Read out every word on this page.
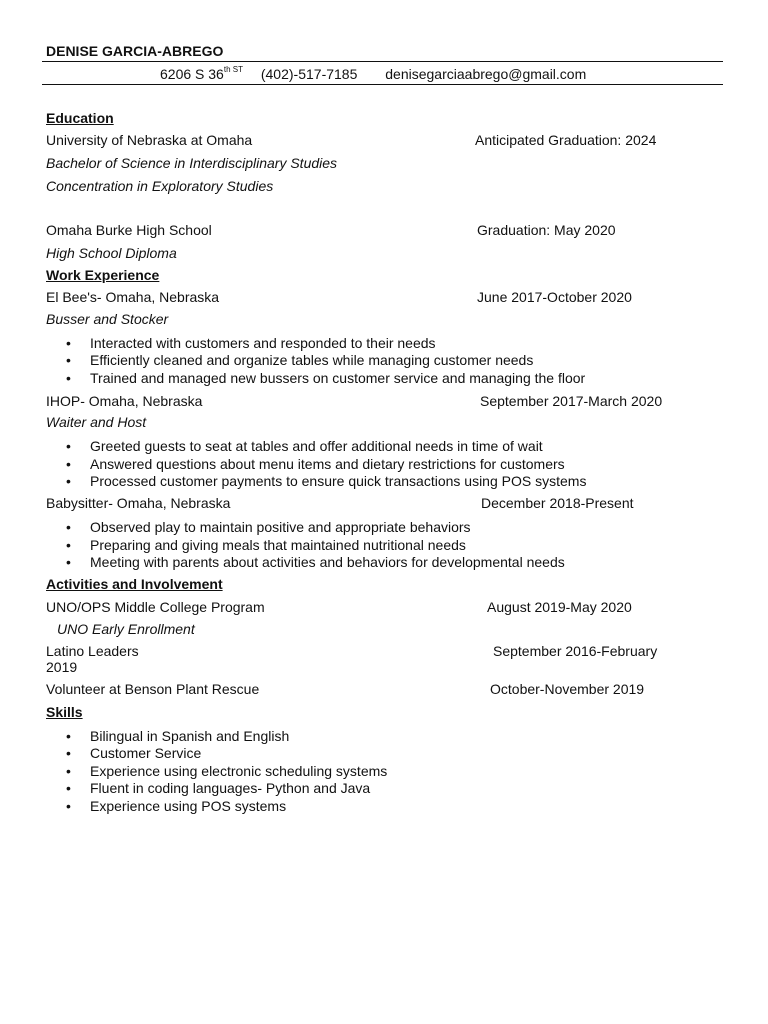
DENISE GARCIA-ABREGO
6206 S $36^{th ST}$ (402)-517-7185 denisegarciaabrego@gmail.com
Education
University of Nebraska at Omaha	Anticipated Graduation: 2024
Bachelor of Science in Interdisciplinary Studies
Concentration in Exploratory Studies
Omaha Burke High School	Graduation: May 2020
High School Diploma
Work Experience
El Bee's- Omaha, Nebraska	June 2017-October 2020
Busser and Stocker
• Interacted with customers and responded to their needs
• Efficiently cleaned and organize tables while managing customer needs
• Trained and managed new bussers on customer service and managing the floor
IHOP- Omaha, Nebraska	September 2017-March 2020
Waiter and Host
• Greeted guests to seat at tables and offer additional needs in time of wait
• Answered questions about menu items and dietary restrictions for customers
• Processed customer payments to ensure quick transactions using POS systems
Babysitter- Omaha, Nebraska	December 2018-Present
• Observed play to maintain positive and appropriate behaviors
• Preparing and giving meals that maintained nutritional needs
• Meeting with parents about activities and behaviors for developmental needs
Activities and Involvement
UNO/OPS Middle College Program	August 2019-May 2020
UNO Early Enrollment
Latino Leaders	September 2016-February
2019
Volunteer at Benson Plant Rescue	October-November 2019
Skills
• Bilingual in Spanish and English
• Customer Service
• Experience using electronic scheduling systems
• Fluent in coding languages- Python and Java
• Experience using POS systems
